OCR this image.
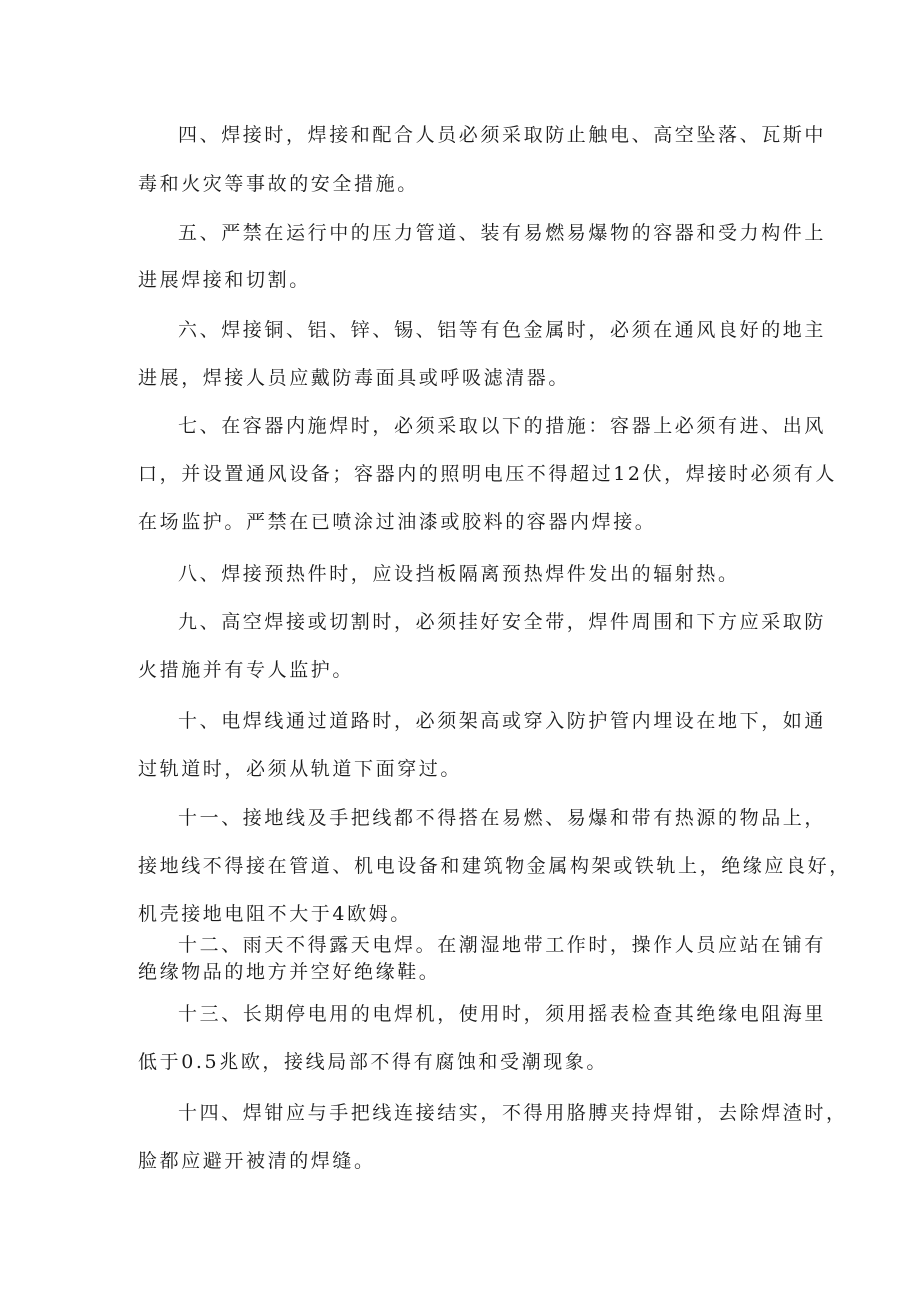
四、焊接时，焊接和配合人员必须采取防止触电、高空坠落、瓦斯中
毒和火灾等事故的安全措施。
五、严禁在运行中的压力管道、装有易燃易爆物的容器和受力构件上
进展焊接和切割。
六、焊接铜、铝、锌、锡、铝等有色金属时，必须在通风良好的地主
进展，焊接人员应戴防毒面具或呼吸滤清器。
七、在容器内施焊时，必须采取以下的措施：容器上必须有进、出风
口，并设置通风设备；容器内的照明电压不得超过12伏，焊接时必须有人
在场监护。严禁在已喷涂过油漆或胶料的容器内焊接。
八、焊接预热件时，应设挡板隔离预热焊件发出的辐射热。
九、高空焊接或切割时，必须挂好安全带，焊件周围和下方应采取防
火措施并有专人监护。
十、电焊线通过道路时，必须架高或穿入防护管内埋设在地下，如通
过轨道时，必须从轨道下面穿过。
十一、接地线及手把线都不得搭在易燃、易爆和带有热源的物品上，
接地线不得接在管道、机电设备和建筑物金属构架或铁轨上，绝缘应良好，
机壳接地电阻不大于4欧姆。
十二、雨天不得露天电焊。在潮湿地带工作时，操作人员应站在铺有
绝缘物品的地方并空好绝缘鞋。
十三、长期停电用的电焊机，使用时，须用摇表检查其绝缘电阻海里
低于0.5兆欧，接线局部不得有腐蚀和受潮现象。
十四、焊钳应与手把线连接结实，不得用胳膊夹持焊钳，去除焊渣时，
脸都应避开被清的焊缝。
